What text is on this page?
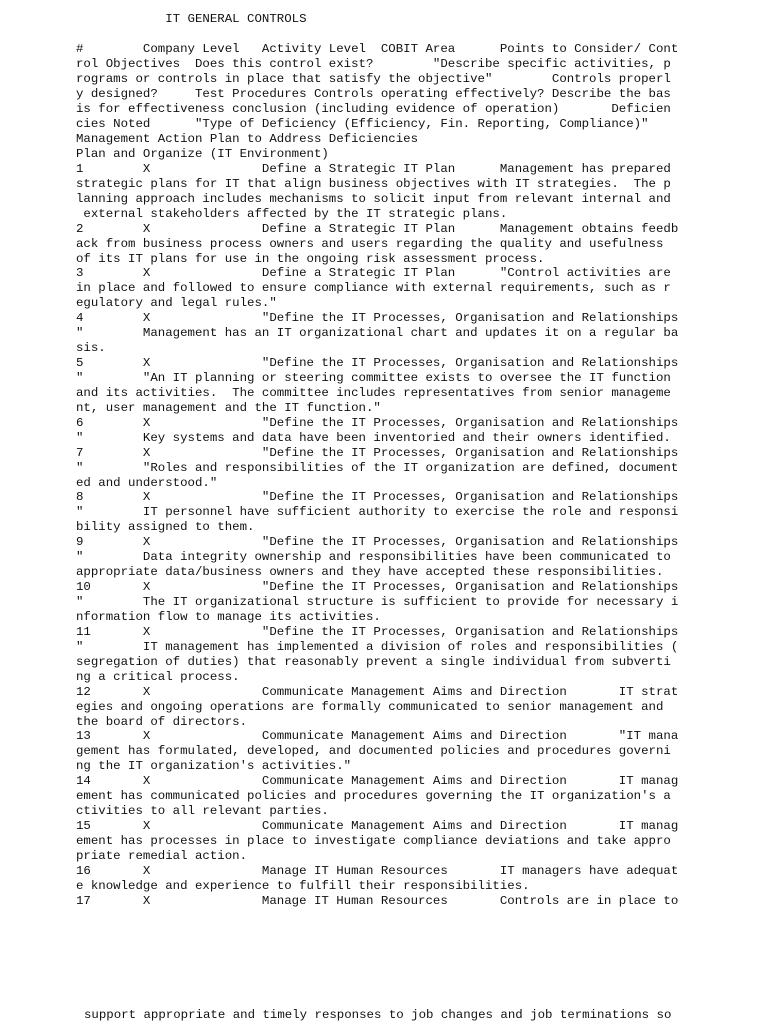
IT GENERAL CONTROLS
#        Company Level   Activity Level  COBIT Area      Points to Consider/ Cont
rol Objectives  Does this control exist?        "Describe specific activities, p
rograms or controls in place that satisfy the objective"        Controls properl
y designed?     Test Procedures Controls operating effectively? Describe the bas
is for effectiveness conclusion (including evidence of operation)       Deficien
cies Noted      "Type of Deficiency (Efficiency, Fin. Reporting, Compliance)"
Management Action Plan to Address Deficiencies
Plan and Organize (IT Environment)
1        X               Define a Strategic IT Plan      Management has prepared
strategic plans for IT that align business objectives with IT strategies.  The p
lanning approach includes mechanisms to solicit input from relevant internal and
external stakeholders affected by the IT strategic plans.
2        X               Define a Strategic IT Plan      Management obtains feedb
ack from business process owners and users regarding the quality and usefulness
of its IT plans for use in the ongoing risk assessment process.
3        X               Define a Strategic IT Plan      "Control activities are
in place and followed to ensure compliance with external requirements, such as r
egulatory and legal rules."
4        X               "Define the IT Processes, Organisation and Relationships
"        Management has an IT organizational chart and updates it on a regular ba
sis.
5        X               "Define the IT Processes, Organisation and Relationships
"        "An IT planning or steering committee exists to oversee the IT function
and its activities.  The committee includes representatives from senior manageme
nt, user management and the IT function."
6        X               "Define the IT Processes, Organisation and Relationships
"        Key systems and data have been inventoried and their owners identified.
7        X               "Define the IT Processes, Organisation and Relationships
"        "Roles and responsibilities of the IT organization are defined, document
ed and understood."
8        X               "Define the IT Processes, Organisation and Relationships
"        IT personnel have sufficient authority to exercise the role and responsi
bility assigned to them.
9        X               "Define the IT Processes, Organisation and Relationships
"        Data integrity ownership and responsibilities have been communicated to
appropriate data/business owners and they have accepted these responsibilities.
10       X               "Define the IT Processes, Organisation and Relationships
"        The IT organizational structure is sufficient to provide for necessary i
nformation flow to manage its activities.
11       X               "Define the IT Processes, Organisation and Relationships
"        IT management has implemented a division of roles and responsibilities (
segregation of duties) that reasonably prevent a single individual from subverti
ng a critical process.
12       X               Communicate Management Aims and Direction       IT strat
egies and ongoing operations are formally communicated to senior management and
the board of directors.
13       X               Communicate Management Aims and Direction       "IT mana
gement has formulated, developed, and documented policies and procedures governi
ng the IT organization's activities."
14       X               Communicate Management Aims and Direction       IT manag
ement has communicated policies and procedures governing the IT organization's a
ctivities to all relevant parties.
15       X               Communicate Management Aims and Direction       IT manag
ement has processes in place to investigate compliance deviations and take appro
priate remedial action.
16       X               Manage IT Human Resources       IT managers have adequat
e knowledge and experience to fulfill their responsibilities.
17       X               Manage IT Human Resources       Controls are in place to
support appropriate and timely responses to job changes and job terminations so
